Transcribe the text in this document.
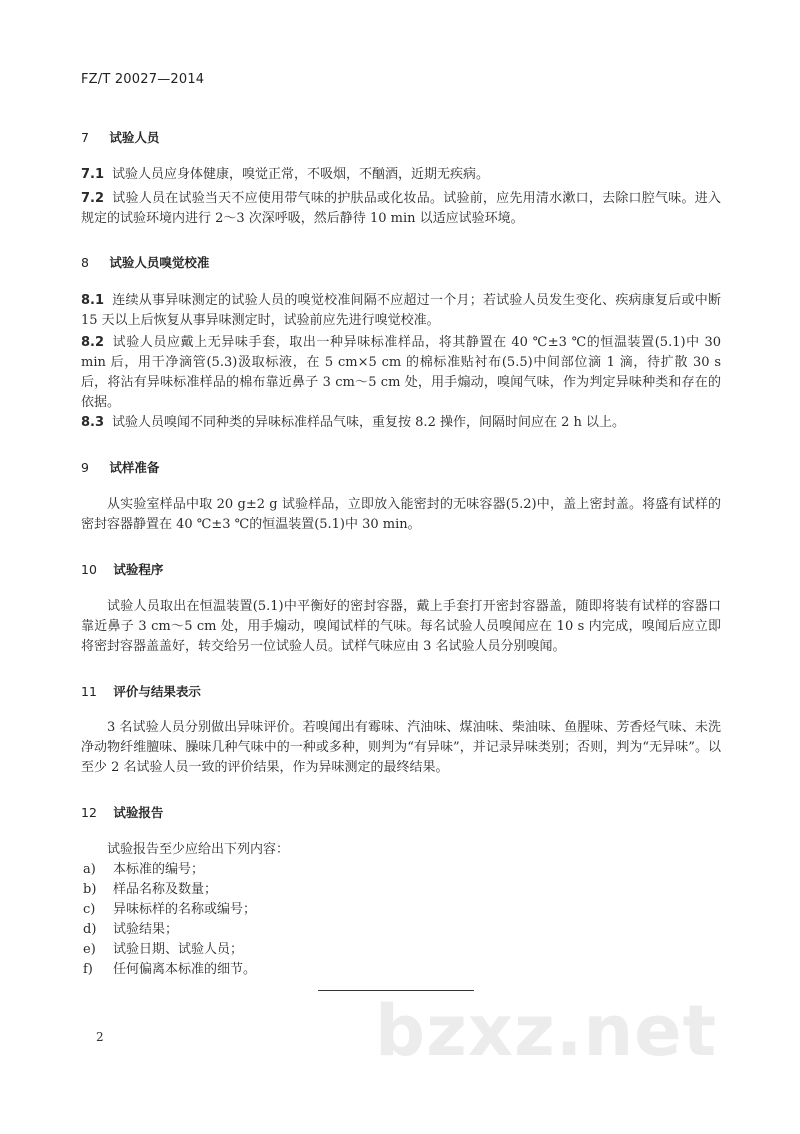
FZ/T 20027—2014
7 试验人员
7.1 试验人员应身体健康，嗅觉正常，不吸烟，不酗酒，近期无疾病。
7.2 试验人员在试验当天不应使用带气味的护肤品或化妆品。试验前，应先用清水漱口，去除口腔气味。进入规定的试验环境内进行 2～3 次深呼吸，然后静待 10 min 以适应试验环境。
8 试验人员嗅觉校准
8.1 连续从事异味测定的试验人员的嗅觉校准间隔不应超过一个月；若试验人员发生变化、疾病康复后或中断 15 天以上后恢复从事异味测定时，试验前应先进行嗅觉校准。
8.2 试验人员应戴上无异味手套，取出一种异味标准样品，将其静置在 40 ℃±3 ℃的恒温装置(5.1)中 30 min 后，用干净滴管(5.3)汲取标液，在 5 cm×5 cm 的棉标准贴衬布(5.5)中间部位滴 1 滴，待扩散 30 s 后，将沾有异味标准样品的棉布靠近鼻子 3 cm～5 cm 处，用手煽动，嗅闻气味，作为判定异味种类和存在的依据。
8.3 试验人员嗅闻不同种类的异味标准样品气味，重复按 8.2 操作，间隔时间应在 2 h 以上。
9 试样准备
从实验室样品中取 20 g±2 g 试验样品，立即放入能密封的无味容器(5.2)中，盖上密封盖。将盛有试样的密封容器静置在 40 ℃±3 ℃的恒温装置(5.1)中 30 min。
10 试验程序
试验人员取出在恒温装置(5.1)中平衡好的密封容器，戴上手套打开密封容器盖，随即将装有试样的容器口靠近鼻子 3 cm～5 cm 处，用手煽动，嗅闻试样的气味。每名试验人员嗅闻应在 10 s 内完成，嗅闻后应立即将密封容器盖盖好，转交给另一位试验人员。试样气味应由 3 名试验人员分别嗅闻。
11 评价与结果表示
3 名试验人员分别做出异味评价。若嗅闻出有霉味、汽油味、煤油味、柴油味、鱼腥味、芳香烃气味、未洗净动物纤维膻味、臊味几种气味中的一种或多种，则判为“有异味”，并记录异味类别；否则，判为“无异味”。以至少 2 名试验人员一致的评价结果，作为异味测定的最终结果。
12 试验报告
试验报告至少应给出下列内容：
a)	本标准的编号；
b)	样品名称及数量；
c)	异味标样的名称或编号；
d)	试验结果；
e)	试验日期、试验人员；
f)	任何偏离本标准的细节。
2	bzxz.net
